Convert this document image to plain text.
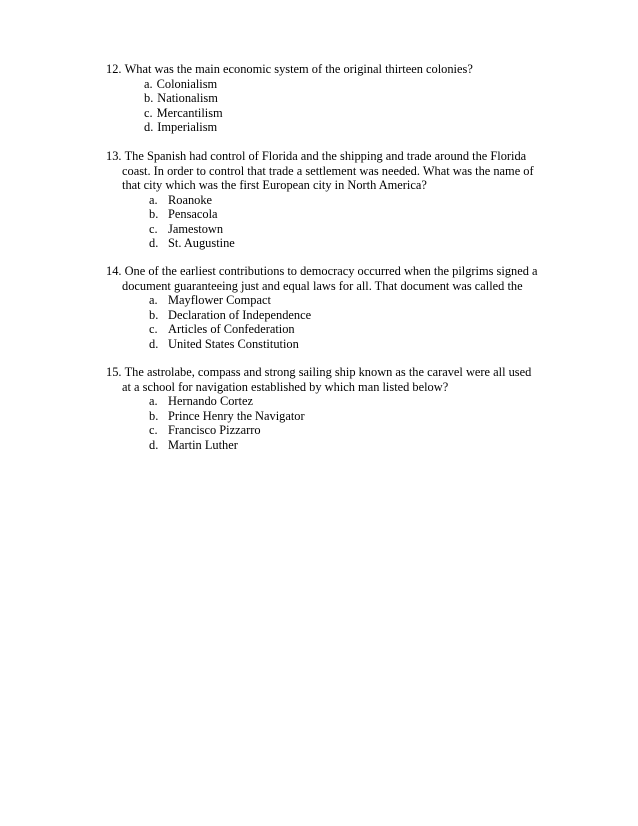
12.
What was the main economic system of the original thirteen colonies?
a. Colonialism
b. Nationalism
c. Mercantilism
d. Imperialism
13.
The Spanish had control of Florida and the shipping and trade around the Florida
coast. In order to control that trade a settlement was needed. What was the name of
that city which was the first European city in North America?
a. Roanoke
b. Pensacola
c. Jamestown
d. St. Augustine
14.
One of the earliest contributions to democracy occurred when the pilgrims signed a
document guaranteeing just and equal laws for all. That document was called the
a. Mayflower Compact
b. Declaration of Independence
c. Articles of Confederation
d. United States Constitution
15.
The astrolabe, compass and strong sailing ship known as the caravel were all used
at a school for navigation established by which man listed below?
a. Hernando Cortez
b. Prince Henry the Navigator
c. Francisco Pizzarro
d. Martin Luther
